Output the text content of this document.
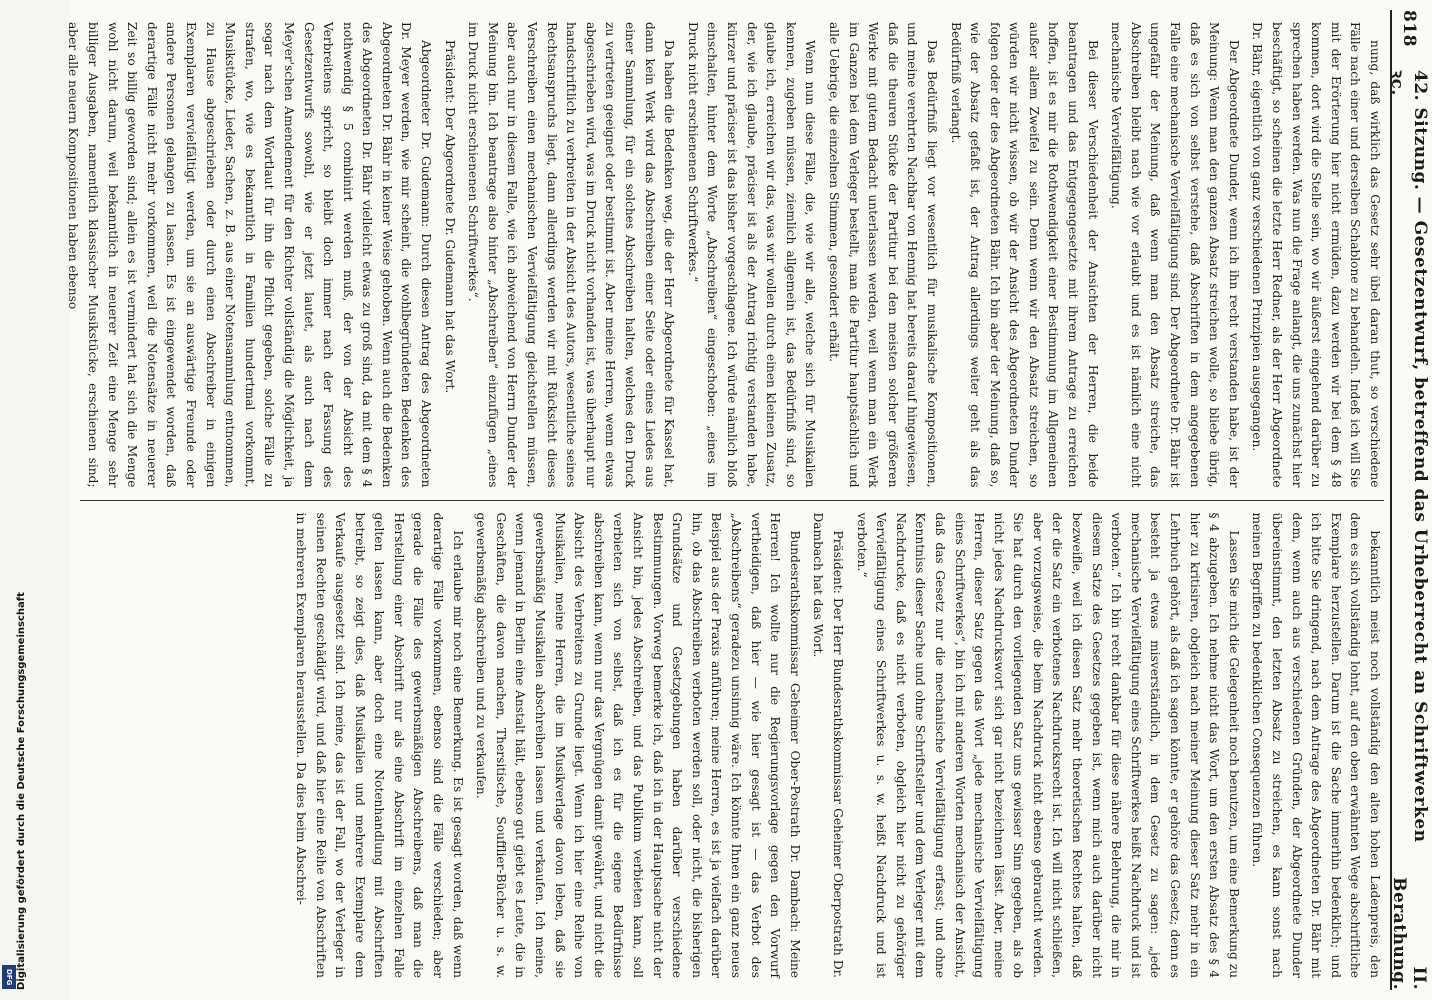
818
42. Sitzung. — Gesetzentwurf, betreffend das Urheberrecht an Schriftwerken ꝛc.
II. Berathung.

nung, daß wirklich das Gesetz sehr übel daran thut, so verschiedene Fälle nach einer und derselben Schablone zu behandeln. Indeß ich will Sie mit der Erörterung hier nicht ermüden, dazu werden wir bei dem § 48 kommen, dort wird die Stelle sein, wo wir äußerst eingehend darüber zu sprechen haben werden. Was nun die Frage anlangt, die uns zunächst hier beschäftigt, so scheinen die letzte Herr Redner, als der Herr Abgeordnete Dr. Bähr, eigentlich von ganz verschiedenen Prinzipien ausgegangen.

Der Abgeordnete Dunder, wenn ich ihn recht verstanden habe, ist der Meinung: Wenn man den ganzen Absatz streichen wolle, so bliebe übrig, daß es sich von selbst verstehe, daß Abschriften in dem angegebenen Falle eine mechanische Vervielfältigung sind. Der Abgeordnete Dr. Bähr ist ungefähr der Meinung, daß wenn man den Absatz streiche, das Abschreiben bleibt nach wie vor erlaubt und es ist nämlich eine nicht mechanische Vervielfältigung.

Bei dieser Verschiedenheit der Ansichten der Herren, die beide beantragen und das Entgegengesetzte mit ihrem Antrage zu erreichen hoffen, ist es mir die Rothwendigkeit einer Bestimmung im Allgemeinen außer allem Zweifel zu sein. Denn wenn wir den Absatz streichen, so würden wir nicht wissen, ob wir der Ansicht des Abgeordneten Dunder folgen oder der des Abgeordneten Bähr. Ich bin aber der Meinung, daß so, wie der Absatz gefaßt ist, der Antrag allerdings weiter geht als das Bedürfniß verlangt.

Das Bedürfniß liegt vor wesentlich für musikalische Kompositionen, und meine verehrten Nachbar von Hennig hat bereits darauf hingewiesen, daß die theuren Stücke der Partitur bei den meisten solcher größeren Werke mit gutem Bedacht unterlassen werden, weil wenn man ein Werk im Ganzen bei dem Verleger bestellt, man die Partitur hauptsächlich und alle Uebrige, die einzelnen Stimmen, gesondert erhält.

Wenn nun diese Fälle, die, wie wir alle, welche sich für Musikalien kennen, zugeben müssen, ziemlich allgemein ist, das Bedürfniß sind, so glaube ich, erreichen wir das, was wir wollen durch einen kleinen Zusatz, der, wie ich glaube, präciser ist als der Antrag richtig verstanden habe, kürzer und präciser ist das bisher vorgeschlagene. Ich würde nämlich bloß einschalten, hinter dem Worte „Abschreiben“ eingeschoben: „eines im Druck nicht erschienenen Schriftwerkes.“

Da haben die Bedenken weg, die der Herr Abgeordnete für Kassel hat, dann kein Werk wird das Abschreiben einer Seite oder eines Liedes aus einer Sammlung, für ein solches Abschreiben halten, welches den Druck zu vertreten geeignet oder bestimmt ist. Aber meine Herren, wenn etwas abgeschrieben wird, was im Druck nicht vorhanden ist, was überhaupt nur handschriftlich zu verbreiten in der Absicht des Autors, wesentliche seines Rechtsanspruchs liegt, dann allerdings werden wir mit Rücksicht dieses Verschreiben einen mechanischen Vervielfältigung gleichstellen müssen, aber auch nur in diesem Falle, wie ich abweichend von Herrn Dunder der Meinung bin. Ich beantrage also hinter „Abschreiben“ einzufügen „eines im Druck nicht erschienenen Schriftwerkes“.

Präsident: Der Abgeordnete Dr. Gudemann hat das Wort.

Abgeordneter Dr. Gudemann: Durch diesen Antrag des Abgeordneten Dr. Meyer werden, wie mir scheint, die wohlbegründeten Bedenken des Abgeordneten Dr. Bähr in keiner Weise gehoben. Wenn auch die Bedenken des Abgeordneten Dr. Bähr vielleicht etwas zu groß sind, da mit dem § 4 nothwendig § 5 combinirt werden muß, der von der Absicht des Verbreitens spricht, so bleibt doch immer nach der Fassung des Gesetzentwurfs sowohl, wie er jetzt lautet, als auch nach dem Meyer'schen Amendement für den Richter vollständig die Möglichkeit, ja sogar nach dem Wortlaut für ihn die Pflicht gegeben, solche Fälle zu strafen, wo, wie es bekanntlich in Familien hundertmal vorkommt, Musikstücke, Lieder, Sachen, z. B. aus einer Notensammlung entnommen, zu Hause abgeschrieben oder durch einen Abschreiber in einigen Exemplaren vervielfältigt werden, um sie an auswärtige Freunde oder andere Personen gelangen zu lassen. Es ist eingewendet worden, daß derartige Fälle nicht mehr vorkommen, weil die Notensätze in neuerer Zeit so billig geworden sind; allein es ist vermindert hat sich die Menge wohl nicht darum, weil bekanntlich in neuerer Zeit eine Menge sehr billiger Ausgaben, namentlich klassischer Musikstücke, erschienen sind; aber alle neuern Kompositionen haben ebenso

bekanntlich meist noch vollständig den alten hohen Ladenpreis, den dem es sich vollständig lohnt, auf den oben erwähnten Wege abschriftliche Exemplare herzustellen. Darum ist die Sache immerhin bedenklich; und ich bitte Sie dringend, nach dem Antrage des Abgeordneten Dr. Bähr mit dem, wenn auch aus verschiedenen Gründen, der Abgeordnete Dunder übereinstimmt, den letzten Absatz zu streichen, es kann sonst nach meinen Begriffen zu bedenklichen Consequenzen führen.

Lassen Sie mich die Gelegenheit noch benutzen, um eine Bemerkung zu § 4 abzugeben. Ich nehme nicht das Wort, um den ersten Absatz des § 4 hier zu kritisiren, obgleich nach meiner Meinung dieser Satz mehr in ein Lehrbuch gehört, als daß ich sagen könnte, er gehöre das Gesetz; denn es besteht ja etwas misverständlich, in dem Gesetz zu sagen: „jede mechanische Vervielfältigung eines Schriftwerkes heißt Nachdruck und ist verboten.“ Ich bin recht dankbar für diese nähere Belehrung, die mir in diesem Satze des Gesetzes gegeben ist, wenn mich auch darüber nicht bezweifle, weil ich diesen Satz mehr theoretischen Rechtes halten, daß der die Satz ein verbotenes Nachdrucksrecht ist. Ich will nicht schließen, aber vorzugsweise, die beim Nachdruck nicht ebenso gebraucht werden. Sie hat durch den vorliegenden Satz uns gewisser Sinn gegeben, als ob nicht jedes Nachdruckswort sich gar nicht bezeichnen lässt. Aber, meine Herren, dieser Satz gegen das Wort „jede mechanische Vervielfältigung eines Schriftwerkes“, bin ich mit anderen Worten mechanisch der Ansicht, daß das Gesetz nur die mechanische Vervielfältigung erfasst; und ohne Kenntniss dieser Sache und ohne Schriftsteller und dem Verleger mit dem Nachdrucke, daß es nicht verboten, obgleich hier nicht zu gehöriger Vervielfältigung eines Schriftwerkes u. s. w. heißt Nachdruck und ist verboten.“

Präsident: Der Herr Bundesrathskommissar Geheimer Oberpostrath Dr. Dambach hat das Wort.

Bundesrathskommissar Geheimer Ober-Postrath Dr. Dambach: Meine Herren! Ich wollte nur die Regierungsvorlage gegen den Vorwurf vertheidigen, daß hier — wie hier gesagt ist — das Verbot des „Abschreibens“ geradezu unsinnig wäre. Ich könnte Ihnen ein ganz neues Beispiel aus der Praxis anführen; meine Herren, es ist ja vielfach darüber hin, ob das Abschreiben verboten werden soll, oder nicht, die bisherigen Grundsätze und Gesetzgebungen haben darüber verschiedene Bestimmungen. Vorweg bemerke ich, daß ich in der Hauptsache nicht der Ansicht bin, jedes Abschreiben, und das Publikum verbieten kann, soll verbieten sich von selbst, daß ich es für die eigene Bedürfnisse abschreiben kann, wenn nur das Vergnügen damit gewährt, und nicht die Absicht des Verbreitens zu Grunde liegt. Wenn ich hier eine Reihe von Musikalien, meine Herren, die im Musikverlage davon leben, daß sie gewerbsmäßig Musikalien abschreiben lassen und verkaufen. Ich meine, wenn jemand in Berlin eine Anstalt hält, ebenso gut giebt es Leute, die in Geschäften, die davon machen, Thersitische, Soufflier-Bücher u. s. w. gewerbsmäßig abschreiben und zu verkaufen.

Ich erlaube mir noch eine Bemerkung. Es ist gesagt worden, daß wenn derartige Fälle vorkommen, ebenso sind die Fälle verschieden; aber gerade die Fälle des gewerbsmäßigen Abschreibens, daß man die Herstellung einer Abschrift nur als eine Abschrift im einzelnen Falle gelten lassen kann, aber doch eine Notenhandlung mit Abschriften betreibt, so zeigt dies, daß Musikalien und mehrere Exemplare dem Verkaufe ausgesetzt sind. Ich meine, das ist der Fall, wo der Verleger in seinen Rechten geschädigt wird, und daß hier eine Reihe von Abschriften in mehreren Exemplaren herausstellen. Da dies beim Abschrei-

Digitalisierung gefördert durch die Deutsche Forschungsgemeinschaft
DFG
